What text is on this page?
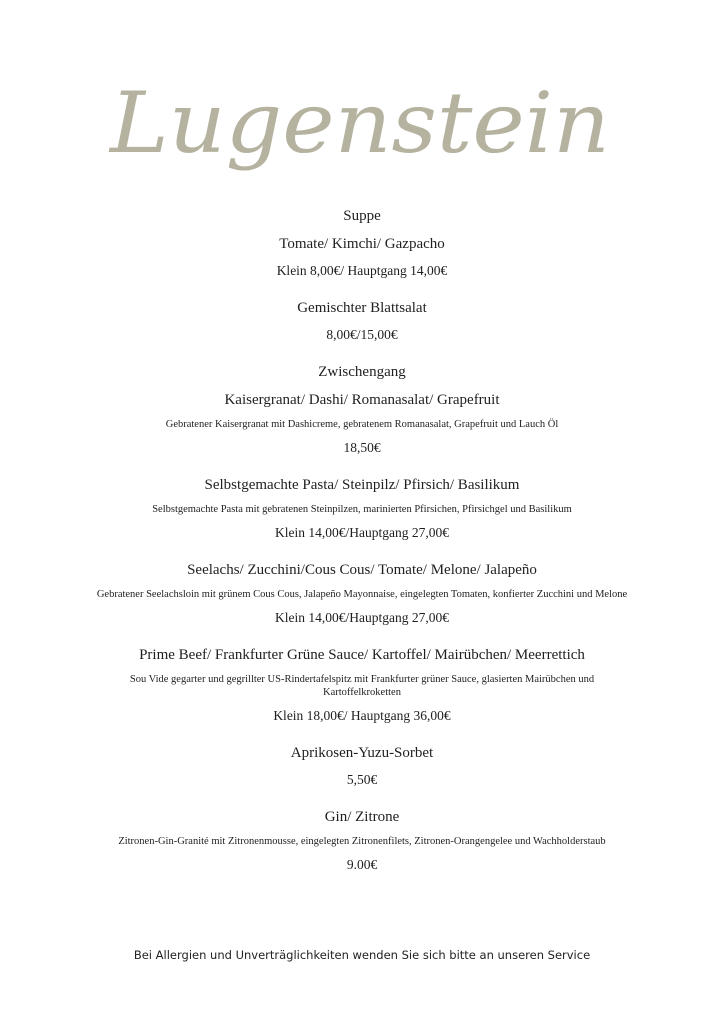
Lugenstein

Suppe

Tomate/ Kimchi/ Gazpacho

Klein 8,00€/ Hauptgang 14,00€

Gemischter Blattsalat

8,00€/15,00€

Zwischengang

Kaisergranat/ Dashi/ Romanasalat/ Grapefruit

Gebratener Kaisergranat mit Dashicreme, gebratenem Romanasalat, Grapefruit und Lauch Öl

18,50€

Selbstgemachte Pasta/ Steinpilz/ Pfirsich/ Basilikum

Selbstgemachte Pasta mit gebratenen Steinpilzen, marinierten Pfirsichen, Pfirsichgel und Basilikum

Klein 14,00€/Hauptgang 27,00€

Seelachs/ Zucchini/Cous Cous/ Tomate/ Melone/ Jalapeño

Gebratener Seelachsloin mit grünem Cous Cous, Jalapeño Mayonnaise, eingelegten Tomaten, konfierter Zucchini und Melone

Klein 14,00€/Hauptgang 27,00€

Prime Beef/ Frankfurter Grüne Sauce/ Kartoffel/ Mairübchen/ Meerrettich

Sou Vide gegarter und gegrillter US-Rindertafelspitz mit Frankfurter grüner Sauce, glasierten Mairübchen und Kartoffelkroketten

Klein 18,00€/ Hauptgang 36,00€

Aprikosen-Yuzu-Sorbet

5,50€

Gin/ Zitrone

Zitronen-Gin-Granité mit Zitronenmousse, eingelegten Zitronenfilets, Zitronen-Orangengelee und Wachholderstaub

9.00€

Bei Allergien und Unverträglichkeiten wenden Sie sich bitte an unseren Service
